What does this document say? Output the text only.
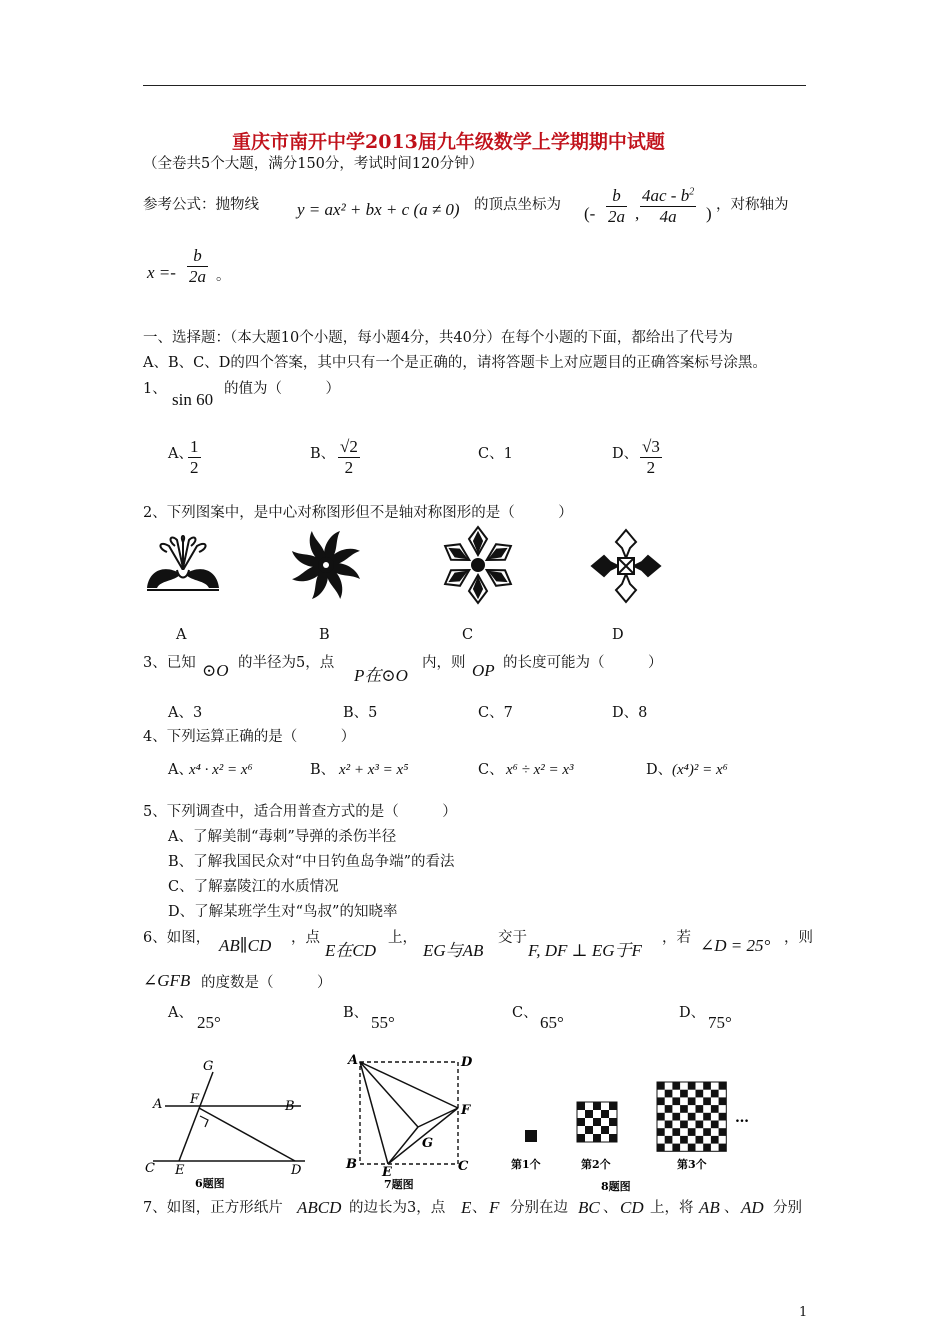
重庆市南开中学2013届九年级数学上学期期中试题
（全卷共5个大题，满分150分，考试时间120分钟）
参考公式：抛物线 y = ax² + bx + c (a ≠ 0) 的顶点坐标为 (- $\frac{b}{2a}$ , $\frac{4ac - b^2}{4a}$ ) ，对称轴为
$x =- \frac{b}{2a}$ 。
一、选择题：（本大题10个小题，每小题4分，共40分）在每个小题的下面，都给出了代号为
A、B、C、D的四个答案，其中只有一个是正确的，请将答题卡上对应题目的正确答案标号涂黑。
1、
sin 60
的值为（　　　）
A、
$\frac{1}{2}$	B、 $\frac{√2}{2}$	C、1	D、 $\frac{√3}{2}$
2、下列图案中，是中心对称图形但不是轴对称图形的是（　　　）
A	B	C	D
3、已知 ⊙O 的半径为5，点
P在⊙O
内，则 OP 的长度可能为（　　　）
A、3	B、5	C、7	D、8
4、下列运算正确的是（　　　）
A、
x⁴ · x² = x⁶	B、 x² + x³ = x⁵	C、 x⁶ ÷ x² = x³	D、 (x⁴)² = x⁶
5、下列调查中，适合用普查方式的是（　　　）
A、了解美制“毒刺”导弹的杀伤半径
B、了解我国民众对“中日钓鱼岛争端”的看法
C、了解嘉陵江的水质情况
D、了解某班学生对“鸟叔”的知晓率
6、如图， AB∥CD ，点
E在CD
上，
EG与AB
交于
F, DF ⊥ EG于F
，若 ∠D = 25° ，则
∠GFB 的度数是（　　　）
A、 25°	B、 55°	C、 65°	D、 75°
G
A F	B
C E	D
6题图
A	D
F
G
B
E	C
7题图
…
第1个	第2个	第3个
8题图
7、如图，正方形纸片 ABCD 的边长为3，点 E 、 F 分别在边 BC 、 CD 上，将 AB 、 AD 分别
1
